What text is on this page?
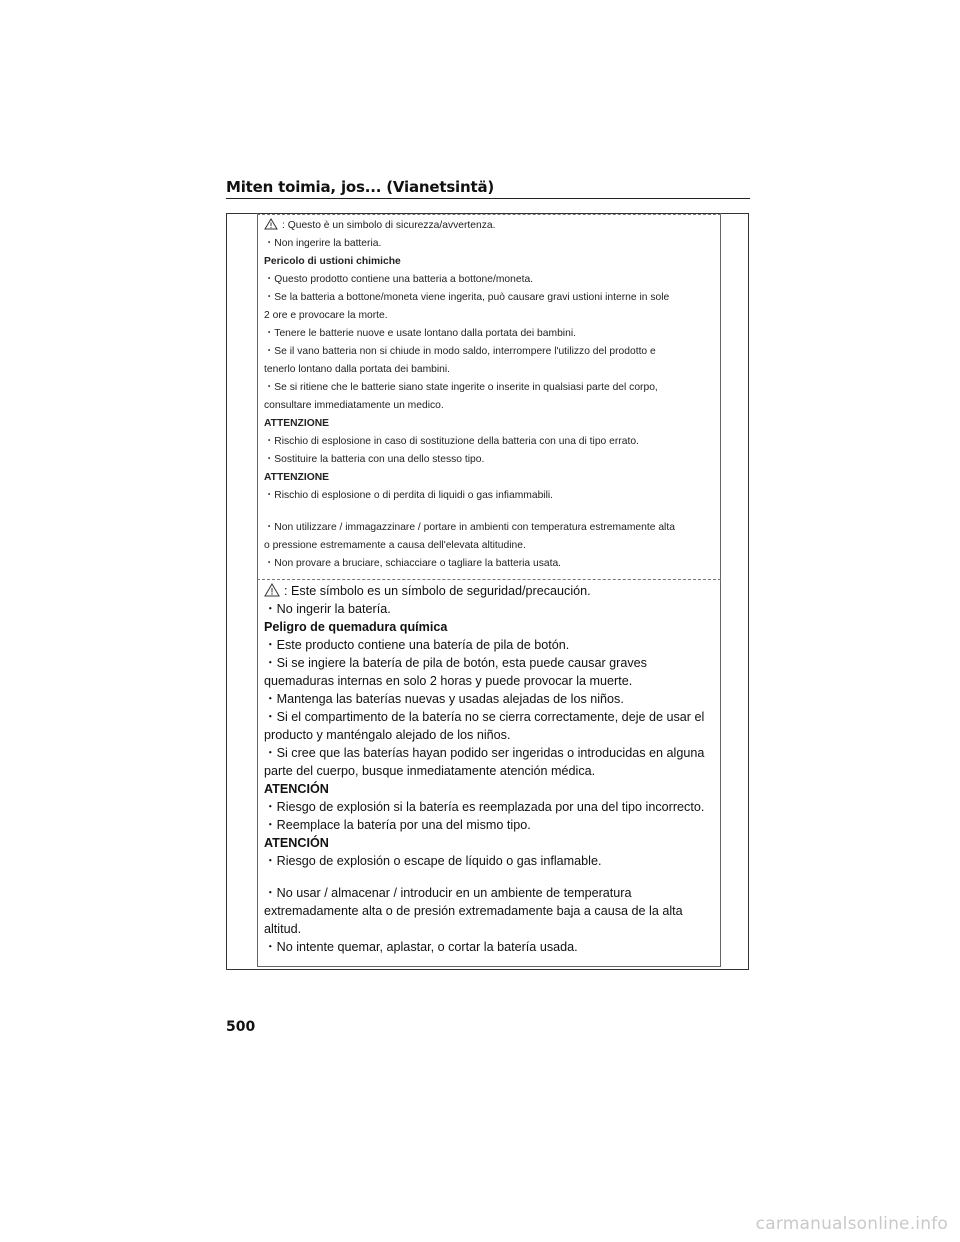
Miten toimia, jos... (Vianetsintä)
: Questo è un simbolo di sicurezza/avvertenza.
・Non ingerire la batteria.
Pericolo di ustioni chimiche
・Questo prodotto contiene una batteria a bottone/moneta.
・Se la batteria a bottone/moneta viene ingerita, può causare gravi ustioni interne in sole
2 ore e provocare la morte.
・Tenere le batterie nuove e usate lontano dalla portata dei bambini.
・Se il vano batteria non si chiude in modo saldo, interrompere l'utilizzo del prodotto e
tenerlo lontano dalla portata dei bambini.
・Se si ritiene che le batterie siano state ingerite o inserite in qualsiasi parte del corpo,
consultare immediatamente un medico.
ATTENZIONE
・Rischio di esplosione in caso di sostituzione della batteria con una di tipo errato.
・Sostituire la batteria con una dello stesso tipo.
ATTENZIONE
・Rischio di esplosione o di perdita di liquidi o gas infiammabili.
・Non utilizzare / immagazzinare / portare in ambienti con temperatura estremamente alta
o pressione estremamente a causa dell'elevata altitudine.
・Non provare a bruciare, schiacciare o tagliare la batteria usata.
: Este símbolo es un símbolo de seguridad/precaución.
・No ingerir la batería.
Peligro de quemadura química
・Este producto contiene una batería de pila de botón.
・Si se ingiere la batería de pila de botón, esta puede causar graves
quemaduras internas en solo 2 horas y puede provocar la muerte.
・Mantenga las baterías nuevas y usadas alejadas de los niños.
・Si el compartimento de la batería no se cierra correctamente, deje de usar el
producto y manténgalo alejado de los niños.
・Si cree que las baterías hayan podido ser ingeridas o introducidas en alguna
parte del cuerpo, busque inmediatamente atención médica.
ATENCIÓN
・Riesgo de explosión si la batería es reemplazada por una del tipo incorrecto.
・Reemplace la batería por una del mismo tipo.
ATENCIÓN
・Riesgo de explosión o escape de líquido o gas inflamable.
・No usar / almacenar / introducir en un ambiente de temperatura
extremadamente alta o de presión extremadamente baja a causa de la alta
altitud.
・No intente quemar, aplastar, o cortar la batería usada.
500
carmanualsonline.info
